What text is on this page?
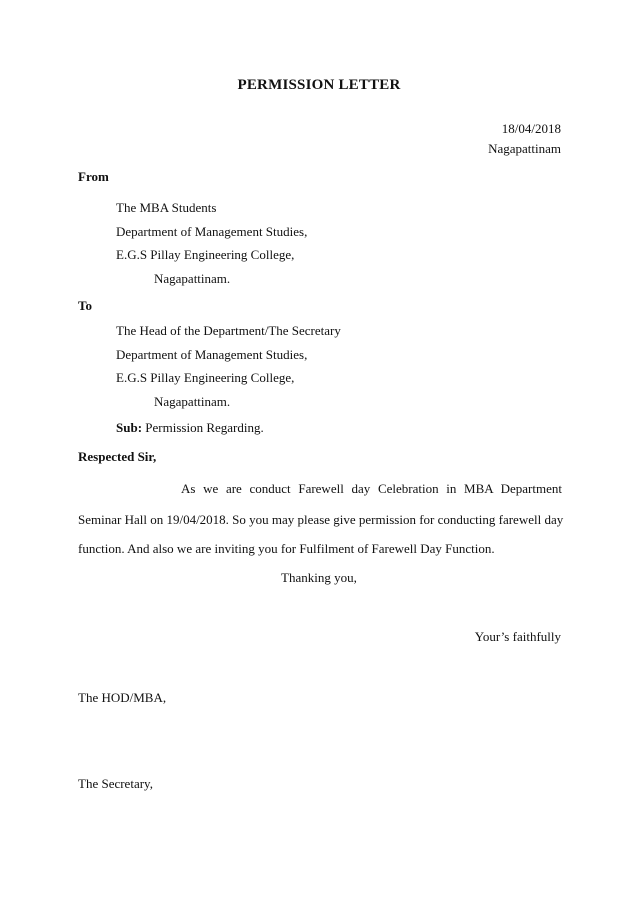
PERMISSION LETTER
18/04/2018
Nagapattinam
From
The MBA Students
Department of Management Studies,
E.G.S Pillay Engineering College,
Nagapattinam.
To
The Head of the Department/The Secretary
Department of Management Studies,
E.G.S Pillay Engineering College,
Nagapattinam.
Sub: Permission Regarding.
Respected Sir,
As we are conduct Farewell day Celebration in MBA Department
Seminar Hall on 19/04/2018. So you may please give permission for conducting farewell day
function. And also we are inviting you for Fulfilment of Farewell Day Function.
Thanking you,
Your’s faithfully
The HOD/MBA,
The Secretary,
